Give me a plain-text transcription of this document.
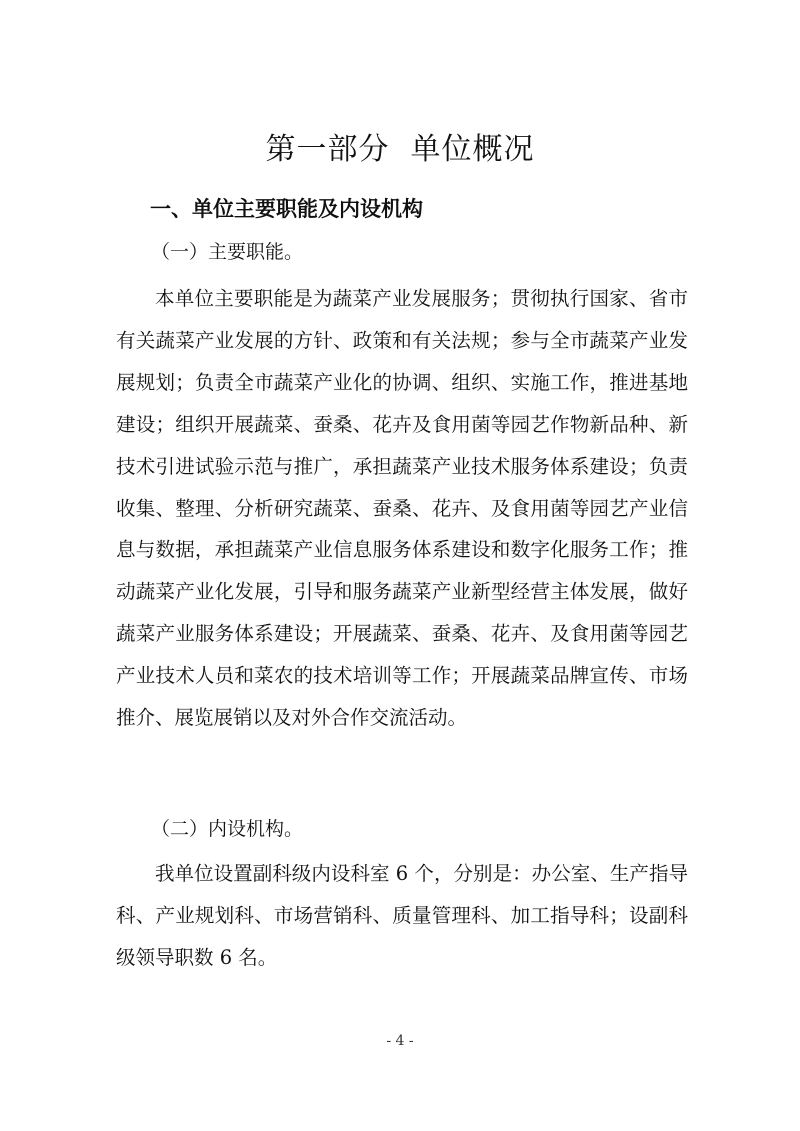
第一部分  单位概况
一、单位主要职能及内设机构
（一）主要职能。

本单位主要职能是为蔬菜产业发展服务；贯彻执行国家、省市有关蔬菜产业发展的方针、政策和有关法规；参与全市蔬菜产业发展规划；负责全市蔬菜产业化的协调、组织、实施工作，推进基地建设；组织开展蔬菜、蚕桑、花卉及食用菌等园艺作物新品种、新技术引进试验示范与推广，承担蔬菜产业技术服务体系建设；负责收集、整理、分析研究蔬菜、蚕桑、花卉、及食用菌等园艺产业信息与数据，承担蔬菜产业信息服务体系建设和数字化服务工作；推动蔬菜产业化发展，引导和服务蔬菜产业新型经营主体发展，做好蔬菜产业服务体系建设；开展蔬菜、蚕桑、花卉、及食用菌等园艺产业技术人员和菜农的技术培训等工作；开展蔬菜品牌宣传、市场推介、展览展销以及对外合作交流活动。

（二）内设机构。

我单位设置副科级内设科室 6 个，分别是：办公室、生产指导科、产业规划科、市场营销科、质量管理科、加工指导科；设副科级领导职数 6 名。

- 4 -
